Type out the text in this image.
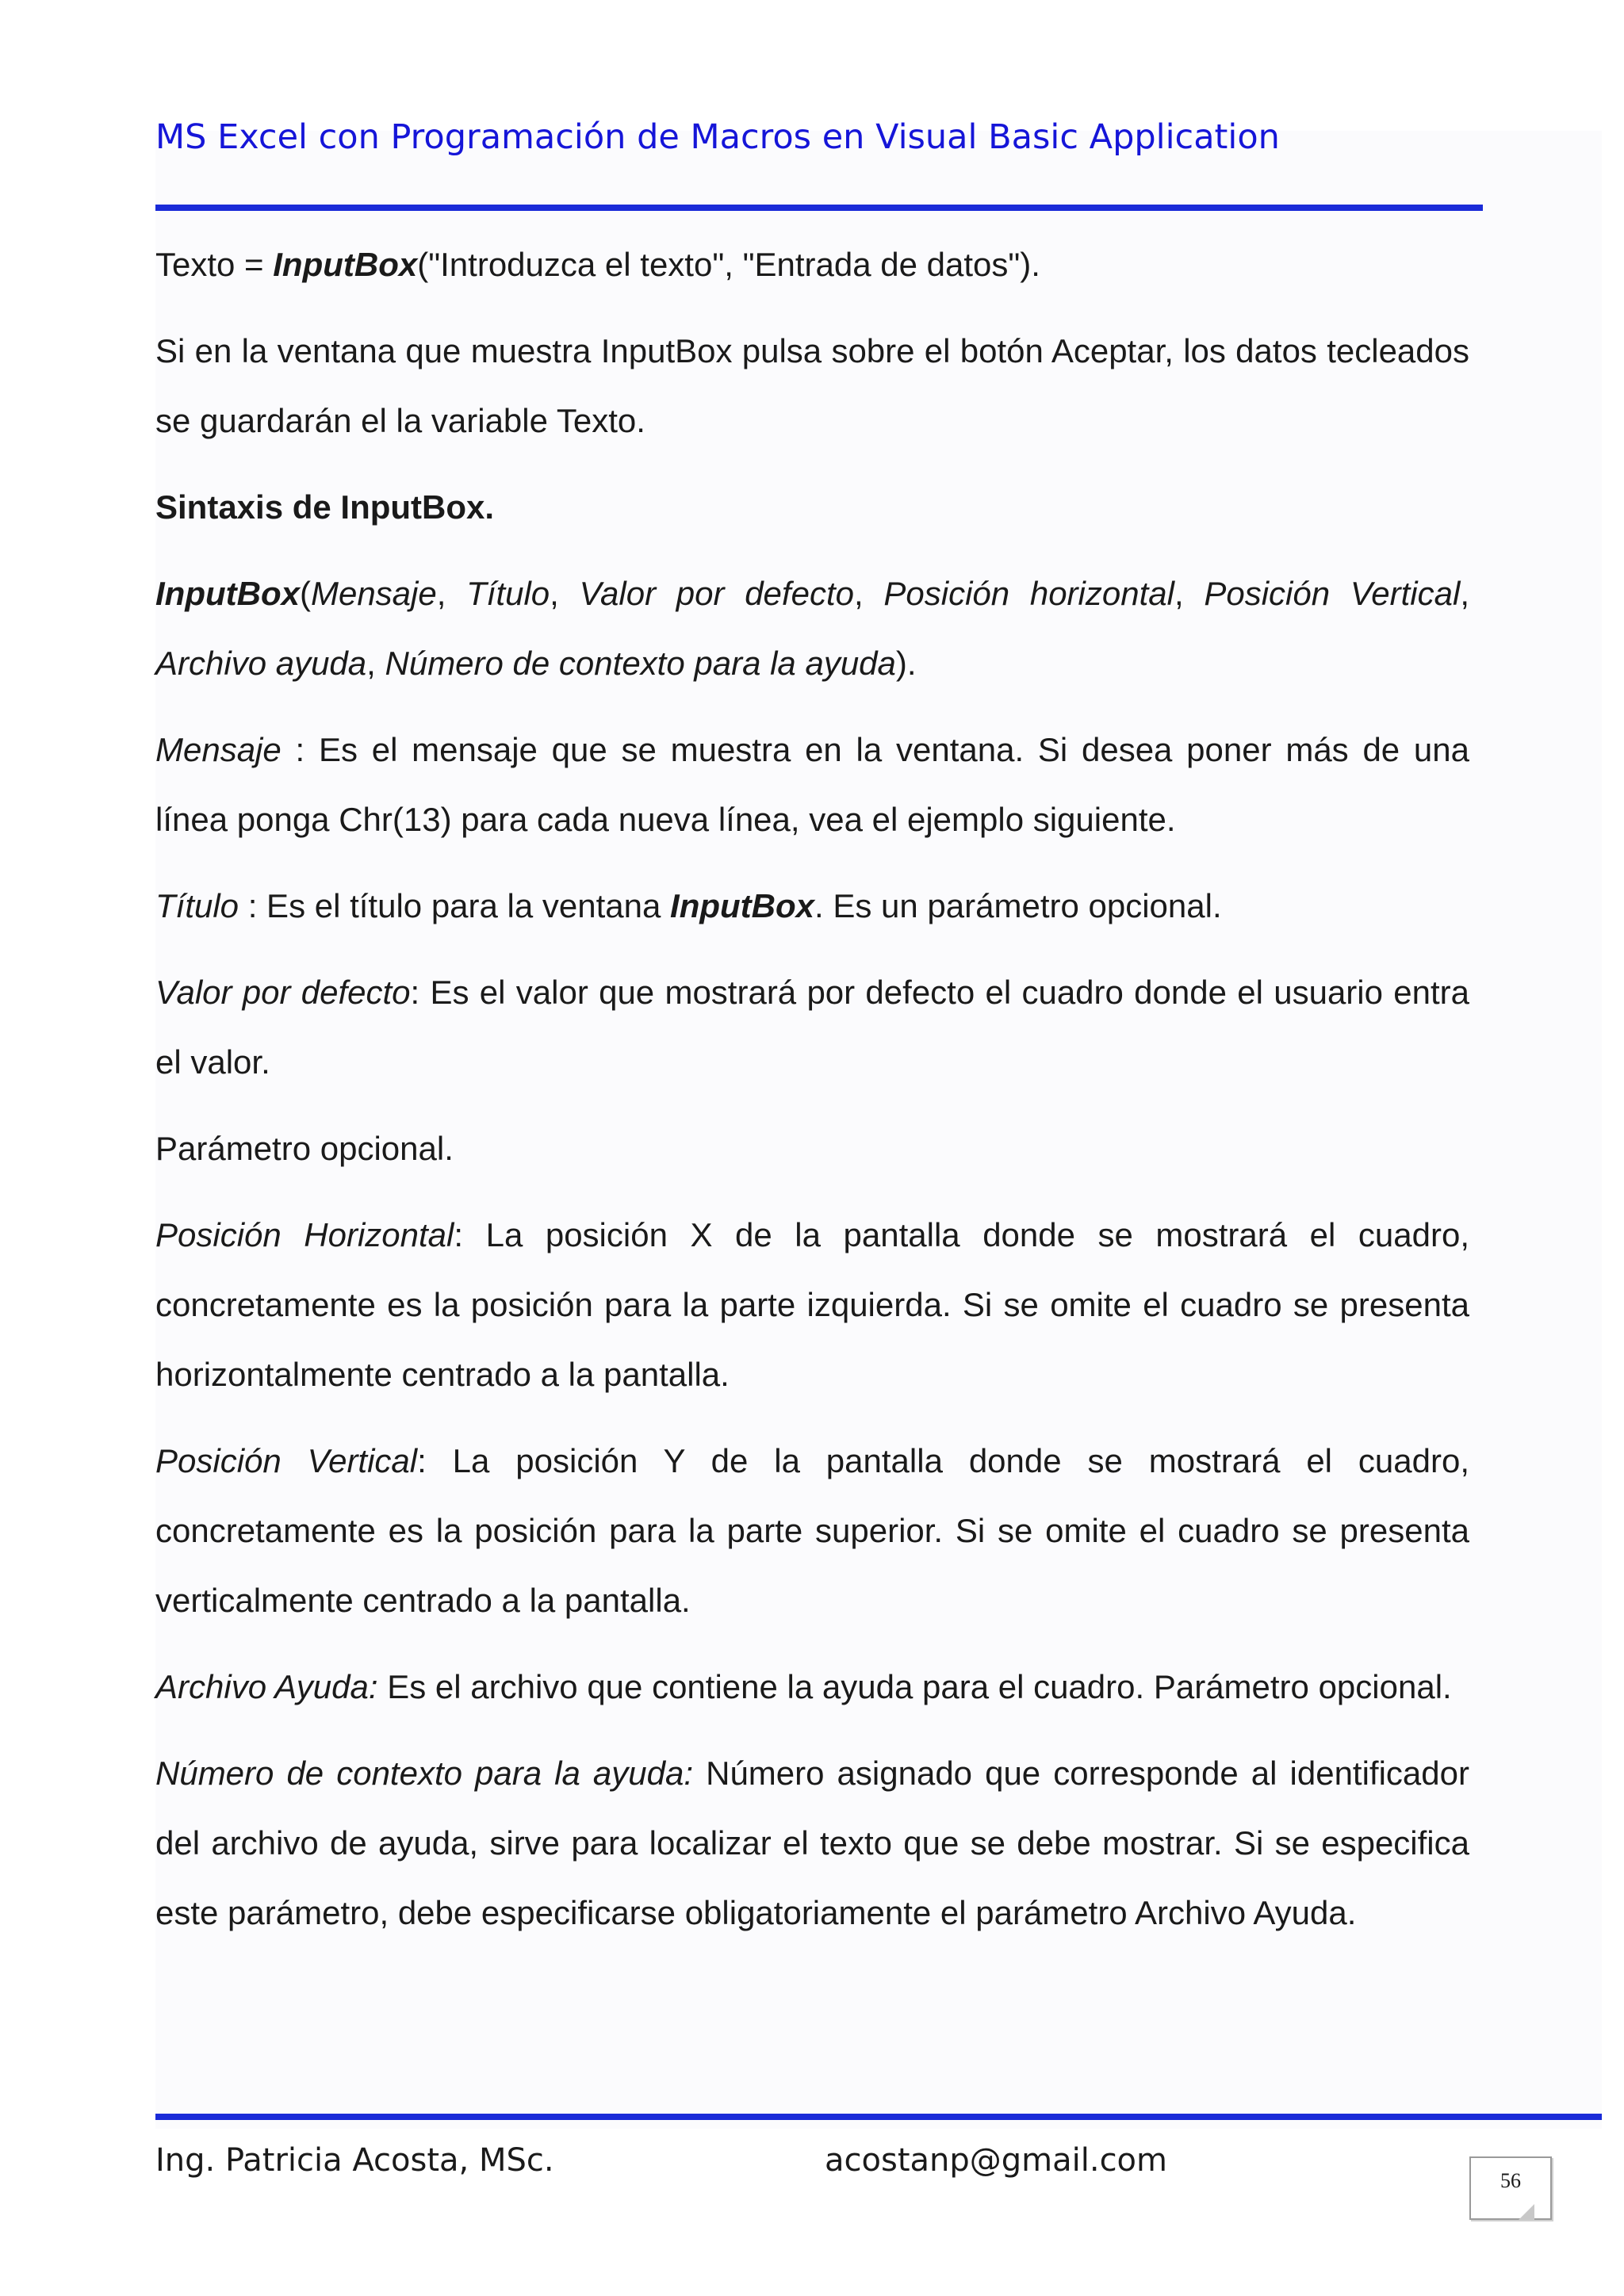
MS Excel con Programación de Macros en Visual Basic Application

Texto = InputBox("Introduzca el texto", "Entrada de datos").

Si en la ventana que muestra InputBox pulsa sobre el botón Aceptar, los datos tecleados se guardarán el la variable Texto.

Sintaxis de InputBox.

InputBox(Mensaje, Título, Valor por defecto, Posición horizontal, Posición Vertical, Archivo ayuda, Número de contexto para la ayuda).

Mensaje : Es el mensaje que se muestra en la ventana. Si desea poner más de una línea ponga Chr(13) para cada nueva línea, vea el ejemplo siguiente.

Título : Es el título para la ventana InputBox. Es un parámetro opcional.

Valor por defecto: Es el valor que mostrará por defecto el cuadro donde el usuario entra el valor.

Parámetro opcional.

Posición Horizontal: La posición X de la pantalla donde se mostrará el cuadro, concretamente es la posición para la parte izquierda. Si se omite el cuadro se presenta horizontalmente centrado a la pantalla.

Posición Vertical: La posición Y de la pantalla donde se mostrará el cuadro, concretamente es la posición para la parte superior. Si se omite el cuadro se presenta verticalmente centrado a la pantalla.

Archivo Ayuda: Es el archivo que contiene la ayuda para el cuadro. Parámetro opcional.

Número de contexto para la ayuda: Número asignado que corresponde al identificador del archivo de ayuda, sirve para localizar el texto que se debe mostrar. Si se especifica este parámetro, debe especificarse obligatoriamente el parámetro Archivo Ayuda.

Ing. Patricia Acosta, MSc.	acostanp@gmail.com
56
